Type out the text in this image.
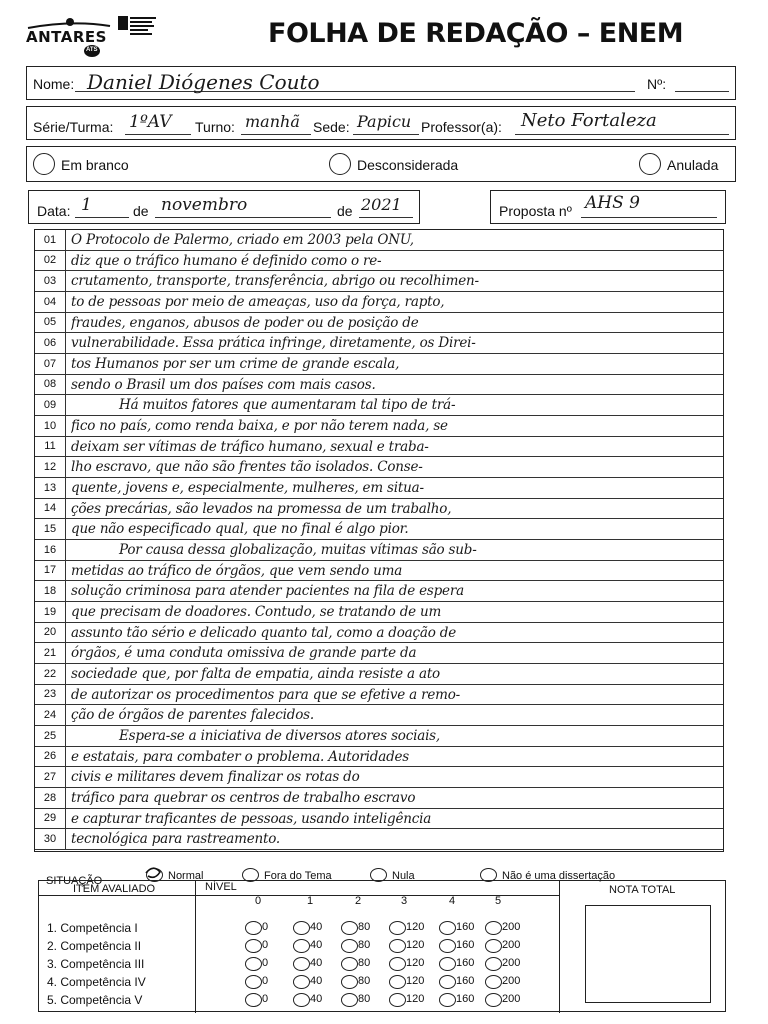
ANTARES
ATS
FOLHA DE REDAÇÃO – ENEM
Nome: Daniel Diógenes Couto	Nº:
Série/Turma: 1ºAV Turno: manhã Sede: Papicu Professor(a): Neto Fortaleza
Em branco	Desconsiderada	Anulada
Data: 1	de novembro	de 2021	Proposta nº AHS 9
01	O Protocolo de Palermo, criado em 2003 pela ONU,
02	diz que o tráfico humano é definido como o re-
03	crutamento, transporte, transferência, abrigo ou recolhimen-
04	to de pessoas por meio de ameaças, uso da força, rapto,
05	fraudes, enganos, abusos de poder ou de posição de
06	vulnerabilidade. Essa prática infringe, diretamente, os Direi-
07	tos Humanos por ser um crime de grande escala,
08	sendo o Brasil um dos países com mais casos.
09	Há muitos fatores que aumentaram tal tipo de trá-
10	fico no país, como renda baixa, e por não terem nada, se
11	deixam ser vítimas de tráfico humano, sexual e traba-
12	lho escravo, que não são frentes tão isolados. Conse-
13	quente, jovens e, especialmente, mulheres, em situa-
14	ções precárias, são levados na promessa de um trabalho,
15	que não especificado qual, que no final é algo pior.
16	Por causa dessa globalização, muitas vítimas são sub-
17	metidas ao tráfico de órgãos, que vem sendo uma
18	solução criminosa para atender pacientes na fila de espera
19	que precisam de doadores. Contudo, se tratando de um
20	assunto tão sério e delicado quanto tal, como a doação de
21	órgãos, é uma conduta omissiva de grande parte da
22	sociedade que, por falta de empatia, ainda resiste a ato
23	de autorizar os procedimentos para que se efetive a remo-
24	ção de órgãos de parentes falecidos.
25	Espera-se a iniciativa de diversos atores sociais,
26	e estatais, para combater o problema. Autoridades
27	civis e militares devem finalizar os rotas do
28	tráfico para quebrar os centros de trabalho escravo
29	e capturar traficantes de pessoas, usando inteligência
30	tecnológica para rastreamento.
SITUAÇÃO	Normal	Fora do Tema	Nula	Não é uma dissertação
ITEM AVALIADO	NÍVEL	NOTA TOTAL
0	1	2	3	4	5
1. Competência I	0	40	80	120	160	200
2. Competência II	0	40	80	120	160	200
3. Competência III	0	40	80	120	160	200
4. Competência IV	0	40	80	120	160	200
5. Competência V	0	40	80	120	160	200
